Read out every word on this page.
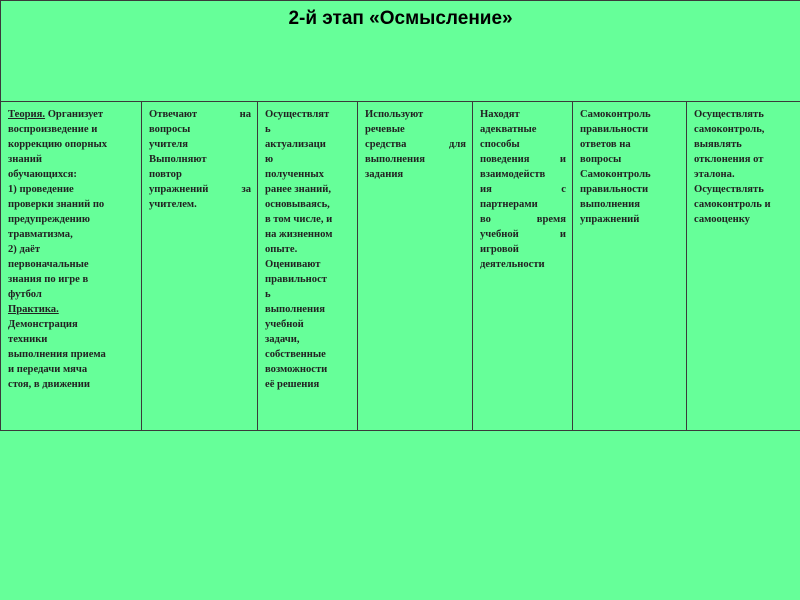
2-й этап «Осмысление»

Теория. Организует
воспроизведение и
коррекцию опорных
знаний
обучающихся:
1) проведение
проверки знаний по
предупреждению
травматизма,
2) даёт
первоначальные
знания по игре в
футбол
Практика.
Демонстрация
техники
выполнения приема
и передачи мяча
стоя, в движении

Отвечают на
вопросы
учителя
Выполняют
повтор
упражнений за
учителем.

Осуществлят
ь
актуализаци
ю
полученных
ранее знаний,
основываясь,
в том числе, и
на жизненном
опыте.
Оценивают
правильност
ь
выполнения
учебной
задачи,
собственные
возможности
её решения

Используют
речевые
средства для
выполнения
задания

Находят
адекватные
способы
поведения и
взаимодейств
ия с
партнерами
во время
учебной и
игровой
деятельности

Самоконтроль
правильности
ответов на
вопросы
Самоконтроль
правильности
выполнения
упражнений

Осуществлять
самоконтроль,
выявлять
отклонения от
эталона.
Осуществлять
самоконтроль и
самооценку
